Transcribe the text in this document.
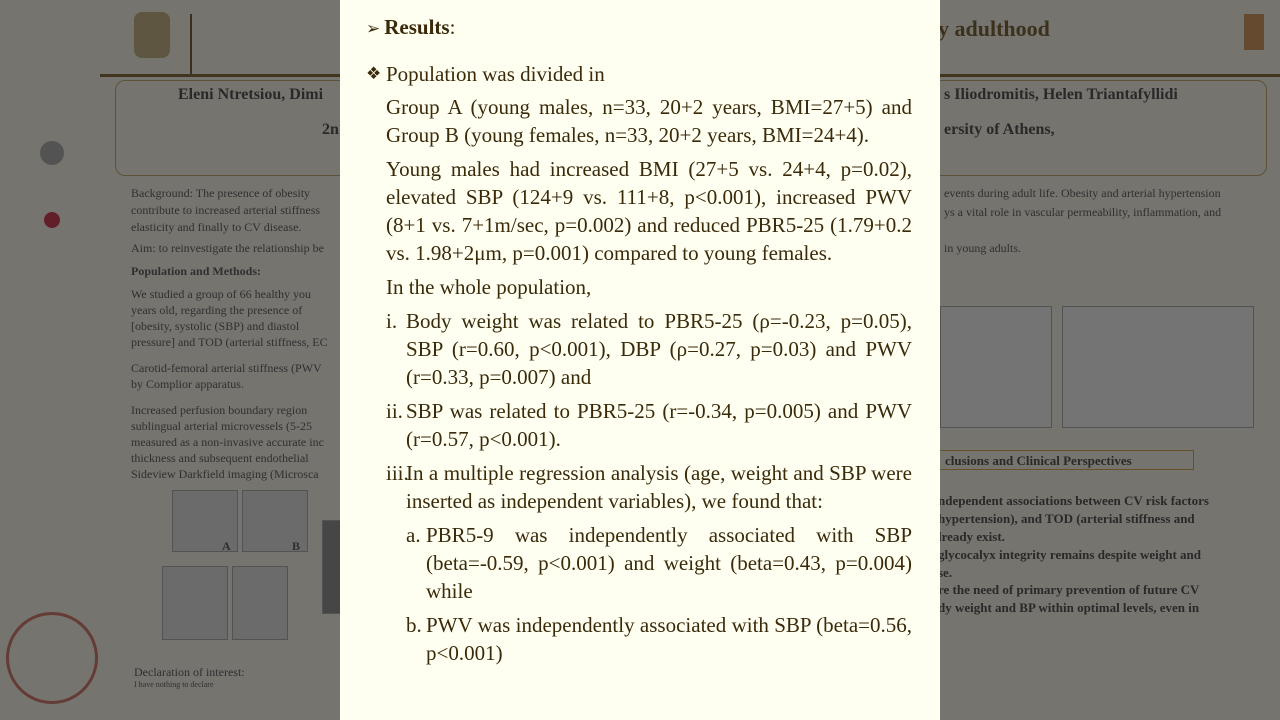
➢ Results:
❖ Population was divided in

Group A (young males, n=33, 20+2 years, BMI=27+5) and Group B (young females, n=33, 20+2 years, BMI=24+4).

Young males had increased BMI (27+5 vs. 24+4, p=0.02), elevated SBP (124+9 vs. 111+8, p<0.001), increased PWV (8+1 vs. 7+1m/sec, p=0.002) and reduced PBR5-25 (1.79+0.2 vs. 1.98+2μm, p=0.001) compared to young females.

In the whole population,

i. Body weight was related to PBR5-25 (ρ=-0.23, p=0.05), SBP (r=0.60, p<0.001), DBP (ρ=0.27, p=0.03) and PWV (r=0.33, p=0.007) and
ii. SBP was related to PBR5-25 (r=-0.34, p=0.005) and PWV (r=0.57, p<0.001).
iii.
In a multiple regression analysis (age, weight and SBP were inserted as independent variables), we found that:
a. PBR5-9 was independently associated with SBP (beta=-0.59, p<0.001) and weight (beta=0.43, p=0.004) while
b. PWV was independently associated with SBP (beta=0.56, p<0.001)
